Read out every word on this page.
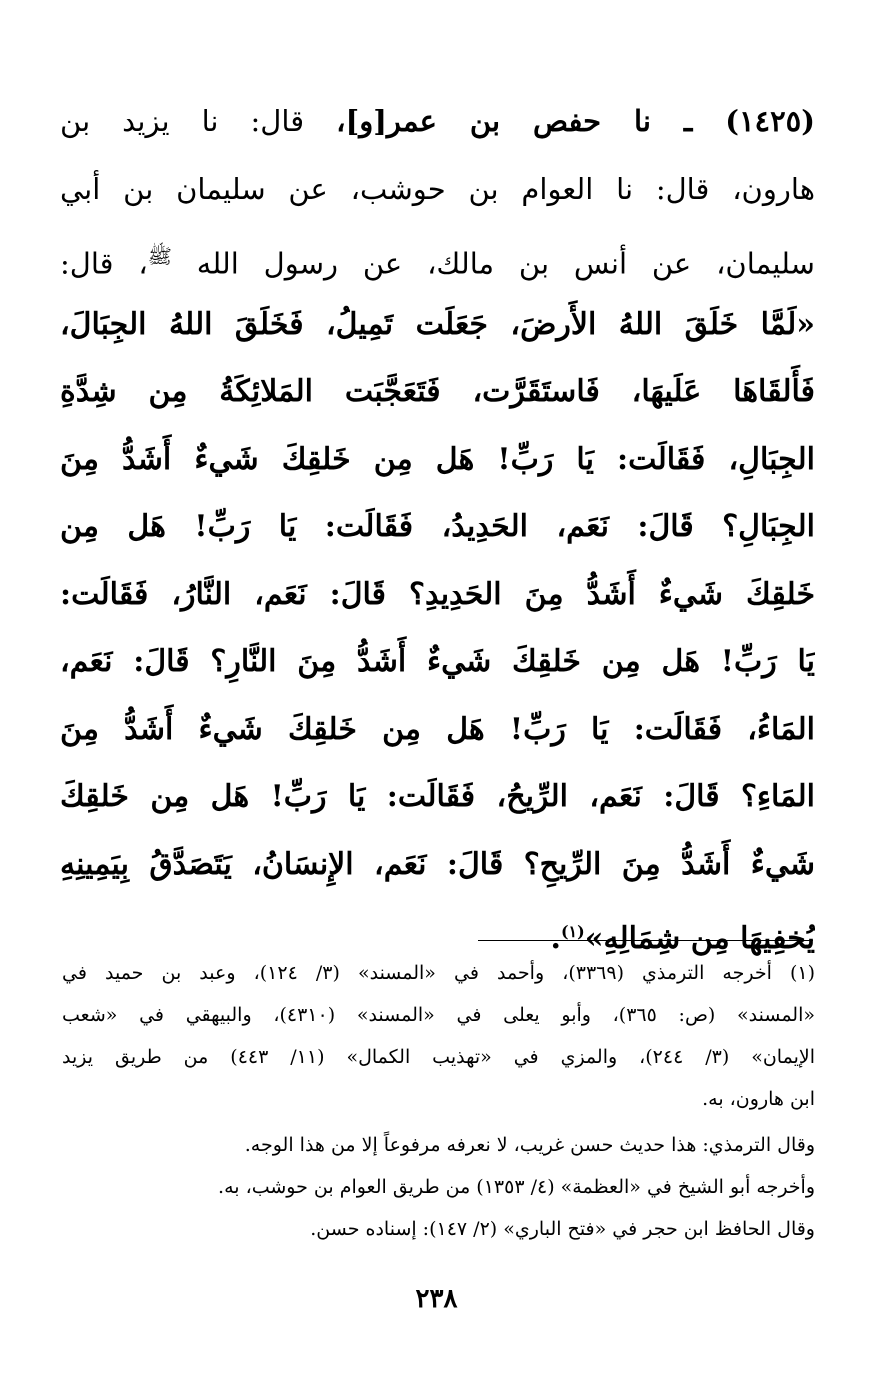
(١٤٢٥) ـ نا حفص بن عمر[و]، قال: نا يزيد بن
هارون، قال: نا العوام بن حوشب، عن سليمان بن أبي
سليمان، عن أنس بن مالك، عن رسول الله $^ﷺ$، قال:
«لَمَّا خَلَقَ اللهُ الأَرضَ، جَعَلَت تَمِيلُ، فَخَلَقَ اللهُ الجِبَالَ،
فَأَلقَاهَا عَلَيهَا، فَاستَقَرَّت، فَتَعَجَّبَت المَلائِكَةُ مِن شِدَّةِ
الجِبَالِ، فَقَالَت: يَا رَبِّ! هَل مِن خَلقِكَ شَيءٌ أَشَدُّ مِنَ
الجِبَالِ؟ قَالَ: نَعَم، الحَدِيدُ، فَقَالَت: يَا رَبِّ! هَل مِن
خَلقِكَ شَيءٌ أَشَدُّ مِنَ الحَدِيدِ؟ قَالَ: نَعَم، النَّارُ، فَقَالَت:
يَا رَبِّ! هَل مِن خَلقِكَ شَيءٌ أَشَدُّ مِنَ النَّارِ؟ قَالَ: نَعَم،
المَاءُ، فَقَالَت: يَا رَبِّ! هَل مِن خَلقِكَ شَيءٌ أَشَدُّ مِنَ
المَاءِ؟ قَالَ: نَعَم، الرِّيحُ، فَقَالَت: يَا رَبِّ! هَل مِن خَلقِكَ
شَيءٌ أَشَدُّ مِنَ الرِّيحِ؟ قَالَ: نَعَم، الإِنسَانُ، يَتَصَدَّقُ بِيَمِينِهِ
يُخفِيهَا مِن شِمَالِهِ»$^{(١)}$.
(١) أخرجه الترمذي (٣٣٦٩)، وأحمد في «المسند» (٣/ ١٢٤)، وعبد بن حميد في
«المسند» (ص: ٣٦٥)، وأبو يعلى في «المسند» (٤٣١٠)، والبيهقي في «شعب
الإيمان» (٣/ ٢٤٤)، والمزي في «تهذيب الكمال» (١١/ ٤٤٣) من طريق يزيد
ابن هارون، به.
وقال الترمذي: هذا حديث حسن غريب، لا نعرفه مرفوعاً إلا من هذا الوجه.
وأخرجه أبو الشيخ في «العظمة» (٤/ ١٣٥٣) من طريق العوام بن حوشب، به.
وقال الحافظ ابن حجر في «فتح الباري» (٢/ ١٤٧): إسناده حسن.
٢٣٨
